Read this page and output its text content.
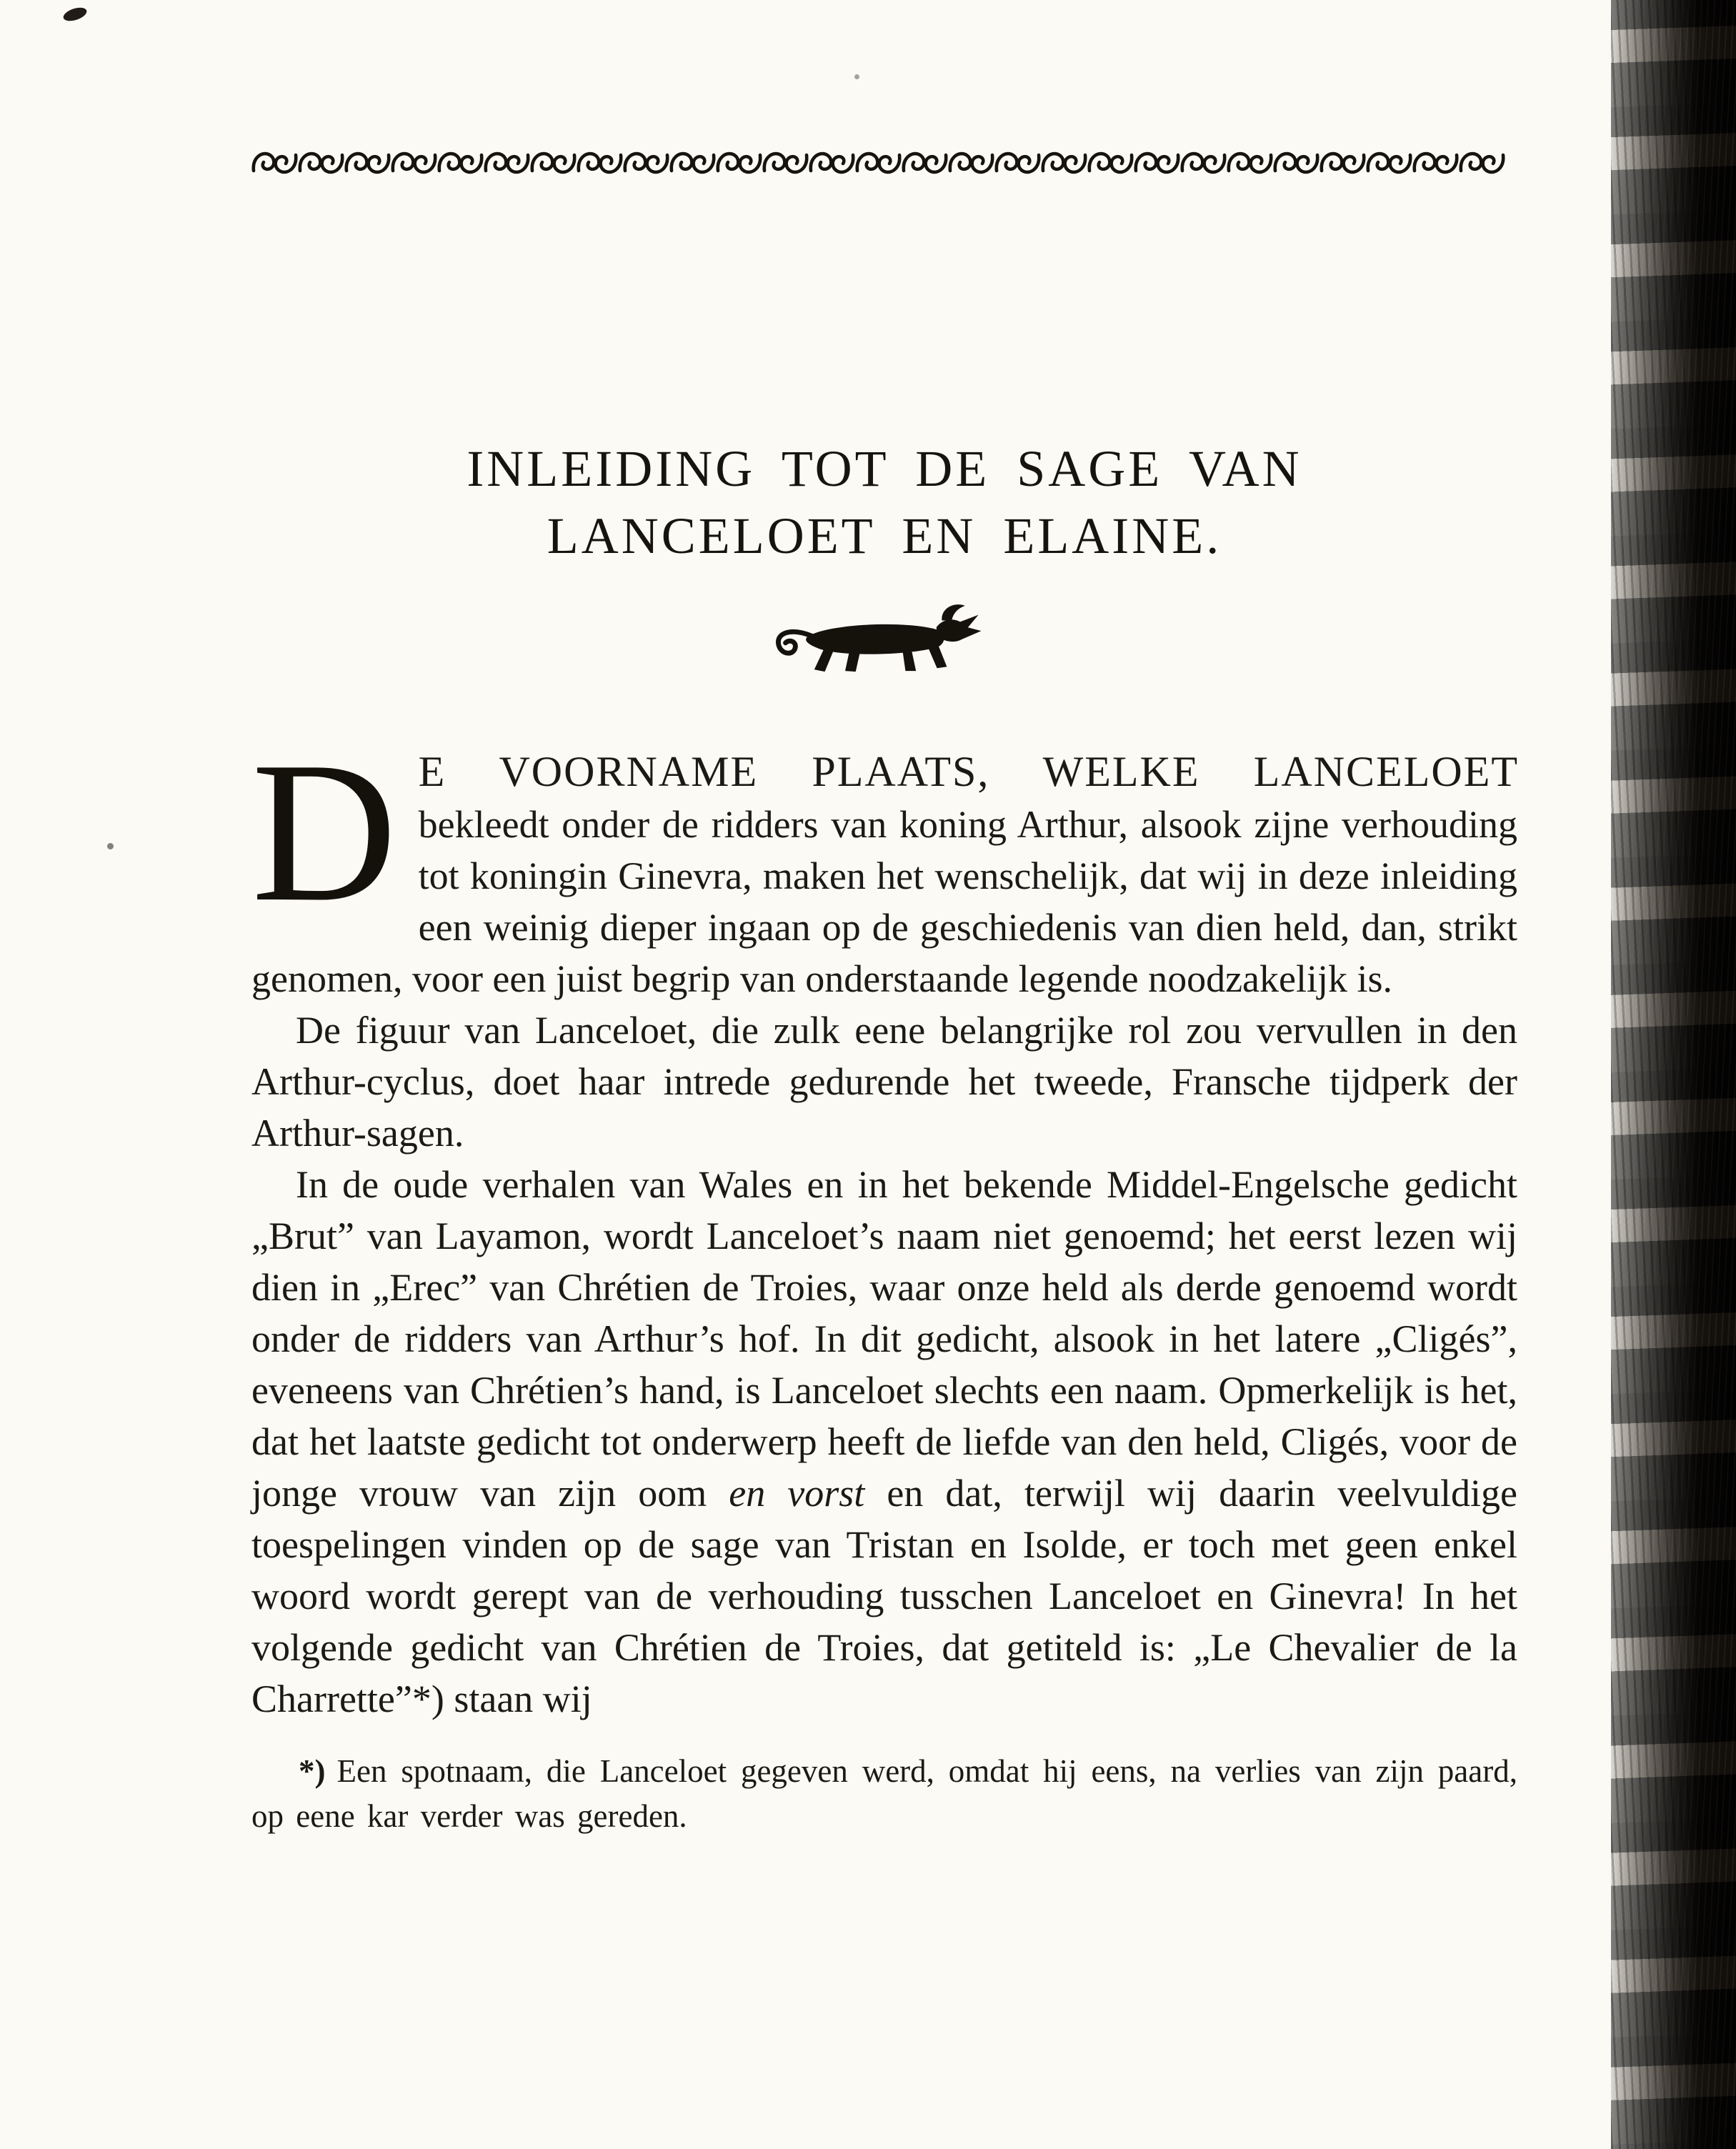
INLEIDING TOT DE SAGE VAN
LANCELOET EN ELAINE.

D E VOORNAME PLAATS, WELKE LANCELOET bekleedt onder de ridders van koning Arthur, alsook zijne verhouding tot koningin Ginevra, maken het wenschelijk, dat wij in deze inleiding een weinig dieper ingaan op de geschiedenis van dien held, dan, strikt genomen, voor een juist begrip van onderstaande legende noodzakelijk is.

De figuur van Lanceloet, die zulk eene belangrijke rol zou vervullen in den Arthur-cyclus, doet haar intrede gedurende het tweede, Fransche tijdperk der Arthur-sagen.

In de oude verhalen van Wales en in het bekende Middel-Engelsche gedicht „Brut” van Layamon, wordt Lanceloet’s naam niet genoemd; het eerst lezen wij dien in „Erec” van Chrétien de Troies, waar onze held als derde genoemd wordt onder de ridders van Arthur’s hof. In dit gedicht, alsook in het latere „Cligés”, eveneens van Chrétien’s hand, is Lanceloet slechts een naam. Opmerkelijk is het, dat het laatste gedicht tot onderwerp heeft de liefde van den held, Cligés, voor de jonge vrouw van zijn oom en vorst en dat, terwijl wij daarin veelvuldige toespelingen vinden op de sage van Tristan en Isolde, er toch met geen enkel woord wordt gerept van de verhouding tusschen Lanceloet en Ginevra! In het volgende gedicht van Chrétien de Troies, dat getiteld is: „Le Chevalier de la Charrette”*) staan wij

*) Een spotnaam, die Lanceloet gegeven werd, omdat hij eens, na verlies van zijn paard, op eene kar verder was gereden.
